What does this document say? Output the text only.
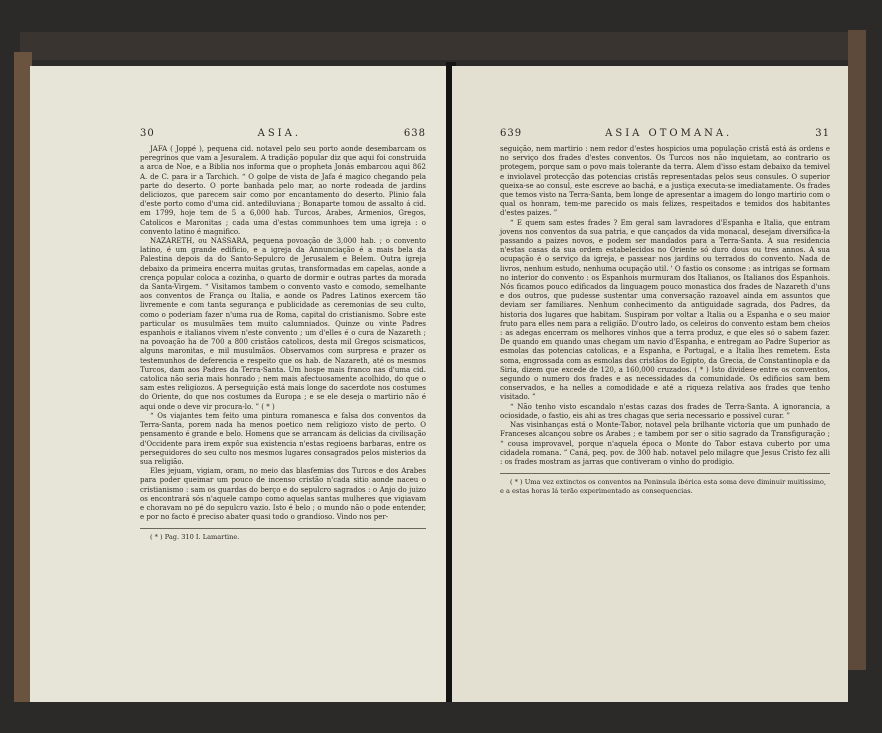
30	ASIA.	638

JAFA ( Joppé ), pequena cid. notavel pelo seu porto aonde desembarcam os peregrinos que vam a Jesuralem. A tradição popular diz que aqui foi construida a arca de Noe, e a Biblia nos informa que o propheta Jonás embarcou aqui 862 A. de C. para ir a Tarchich. “ O golpe de vista de Jafa é magico chegando pela parte do deserto. O porte banhada pelo mar, ao norte rodeada de jardins deliciozos, que parecem sair como por encantamento do deserto. Plinio fala d'este porto como d'uma cid. antediluviana ; Bonaparte tomou de assalto á cid. em 1799, hoje tem de 5 a 6,000 hab. Turcos, Arabes, Armenios, Gregos, Catolicos e Maronitas ; cada uma d'estas communhoes tem uma igreja : o convento latino é magnifico.

NAZARETH, ou NASSARA, pequena povoação de 3,000 hab. ; o convento latino, é um grande edificio, e a igreja da Annunciação é a mais bela da Palestina depois da do Santo-Sepulcro de Jerusalem e Belem. Outra igreja debaixo da primeira encerra muitas grutas, transformadas em capelas, aonde a crença popular coloca a cozinha, o quarto de dormir e outras partes da morada da Santa-Virgem. “ Visitamos tambem o convento vasto e comodo, semelhante aos conventos de França ou Italia, e aonde os Padres Latinos exercem tão livremente e com tanta segurança e publicidade as ceremonias de seu culto, como o poderiam fazer n'uma rua de Roma, capital do cristianismo. Sobre este particular os musulmães tem muito calumniados. Quinze ou vinte Padres espanhois e italianos vivem n'este convento ; um d'elles é o cura de Nazareth ; na povoação ha de 700 a 800 cristãos catolicos, desta mil Gregos scismaticos, alguns maronitas, e mil musulmãos. Observamos com surpresa e prazer os testemunhos de deferencia e respeito que os hab. de Nazareth, até os mesmos Turcos, dam aos Padres da Terra-Santa. Um hospe mais franco nas d'uma cid. catolica não seria mais honrado ; nem mais afectuosamente acolhido, do que o sam estes religiozos. A perseguição está mais longe do sacerdote nos costumes do Oriente, do que nos costumes da Europa ; e se ele deseja o martirio não é aqui onde o deve vir procura-lo. ” ( * )

“ Os viajantes tem feito uma pintura romanesca e falsa dos conventos da Terra-Santa, porem nada ha menos poetico nem religiozo visto de perto. O pensamento é grande e belo. Homens que se arrancam ás delicias da civilisação d'Occidente para irem expôr sua existencia n'estas regioens barbaras, entre os perseguidores do seu culto nos mesmos lugares consagrados pelos misterios da sua religião.

Eles jejuam, vigiam, oram, no meio das blasfemias dos Turcos e dos Arabes para poder queimar um pouco de incenso cristão n'cada sitio aonde naceu o cristianismo : sam os guardas do berço e do sepulcro sagrados : o Anjo do juizo os encontrará sós n'aquele campo como aquelas santas mulheres que vigiavam e choravam no pé do sepulcro vazio. Isto é belo ; o mundo não o pode entender, e por no facto é preciso abater quasi todo o grandioso. Vindo nos per-

( * ) Pag. 310 I. Lamartine.

639	ASIA OTOMANA.	31

seguição, nem martirio : nem redor d'estes hospicios uma população cristã está ás ordens e no serviço dos frades d'estes conventos. Os Turcos nos não inquietam, ao contrario os protegem, porque sam o povo mais tolerante da terra. Alem d'isso estam debaixo da temivel e inviolavel protecção das potencias cristãs representadas pelos seus consules. O superior queixa-se ao consul, este escreve ao bachá, e a justiça executa-se imediatamente. Os frades que temos visto na Terra-Santa, bem longe de apresentar a imagem do longo martirio com o qual os honram, tem-me parecido os mais felizes, respeitados e temidos dos habitantes d'estes paizes. ”

“ E quem sam estes frades ? Em geral sam lavradores d'Espanha e Italia, que entram jovens nos conventos da sua patria, e que cançados da vida monacal, desejam diversifica-la passando a paizes novos, e podem ser mandados para a Terra-Santa. A sua residencia n'estas casas da sua ordem estabelecidos no Oriente só duro dous ou tres annos. A sua ocupação é o serviço da igreja, e passear nos jardins ou terrados do convento. Nada de livros, nenhum estudo, nenhuma ocupação util. ' O fastio os consome : as intrigas se formam no interior do convento : os Espanhois murmuram dos Italianos, os Italianos dos Espanhois. Nós ficamos pouco edificados da linguagem pouco monastica dos frades de Nazareth d'uns e dos outros, que pudesse sustentar uma conversação razoavel ainda em assuntos que deviam ser familiares. Nenhum conhecimento da antiguidade sagrada, dos Padres, da historia dos lugares que habitam. Suspiram por voltar a Italia ou a Espanha e o seu maior fruto para elles nem para a religião. D'outro lado, os celeiros do convento estam bem cheios : as adegas encerram os melhores vinhos que a terra produz, e que eles só o sabem fazer. De quando em quando unas chegam um navio d'Espanha, e entregam ao Padre Superior as esmolas das potencias catolicas, e a Espanha, e Portugal, e a Italia lhes remetem. Esta soma, engrossada com as esmolas das cristãos do Egipto, da Grecia, de Constantinopla e da Siria, dizem que excede de 120, a 160,000 cruzados. ( * ) Isto dividese entre os conventos, segundo o numero dos frades e as necessidades da comunidade. Os edificios sam bem conservados, e ha nelles a comodidade e até a riqueza relativa aos frades que tenho visitado. ”

“ Não tenho visto escandalo n'estas cazas dos frades de Terra-Santa. A ignorancia, a ociosidade, o fastio, eis ahi as tres chagas que seria necessario e possivel curar. ”

Nas visinhanças está o Monte-Tabor, notavel pela brilhante victoria que um punhado de Franceses alcançou sobre os Arabes ; e tambem por ser o sitio sagrado da Transfiguração ; “ cousa improvavel, porque n'aquela época o Monte do Tabor estava cuberto por uma cidadela romana. ” Caná, peq. pov. de 300 hab. notavel pelo milagre que Jesus Cristo fez alli : os frades mostram as jarras que contiveram o vinho do prodigio.

( * ) Uma vez extinctos os conventos na Peninsula ibérica esta soma deve diminuir muitissimo, e a estas horas lá terão experimentado as consequencias.
